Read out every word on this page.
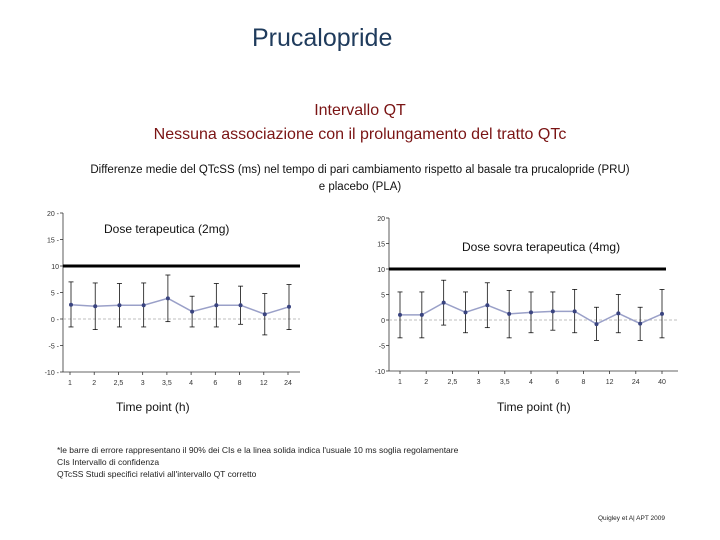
Prucalopride
Intervallo QT
Nessuna associazione con il prolungamento del tratto QTc
Differenze medie del QTcSS (ms) nel tempo di pari cambiamento rispetto al basale tra prucalopride (PRU) e placebo (PLA)
20 -
15 -
10
5 -
0 -
-5 -
-10 -
1	2 2,5 3 3,5 4	6	8	12 24
20
15
10
5
0
-5
-10
1	2	2,5	3	3,5	4	6	8	12	24	40
Dose terapeutica (2mg)
Dose sovra terapeutica (4mg)
Time point (h)	Time point (h)
*le barre di errore rappresentano il 90% dei CIs e la linea solida indica l'usuale 10 ms soglia regolamentare
CIs Intervallo di confidenza
QTcSS Studi specifici relativi all'intervallo QT corretto
Quigley et A| APT 2009
